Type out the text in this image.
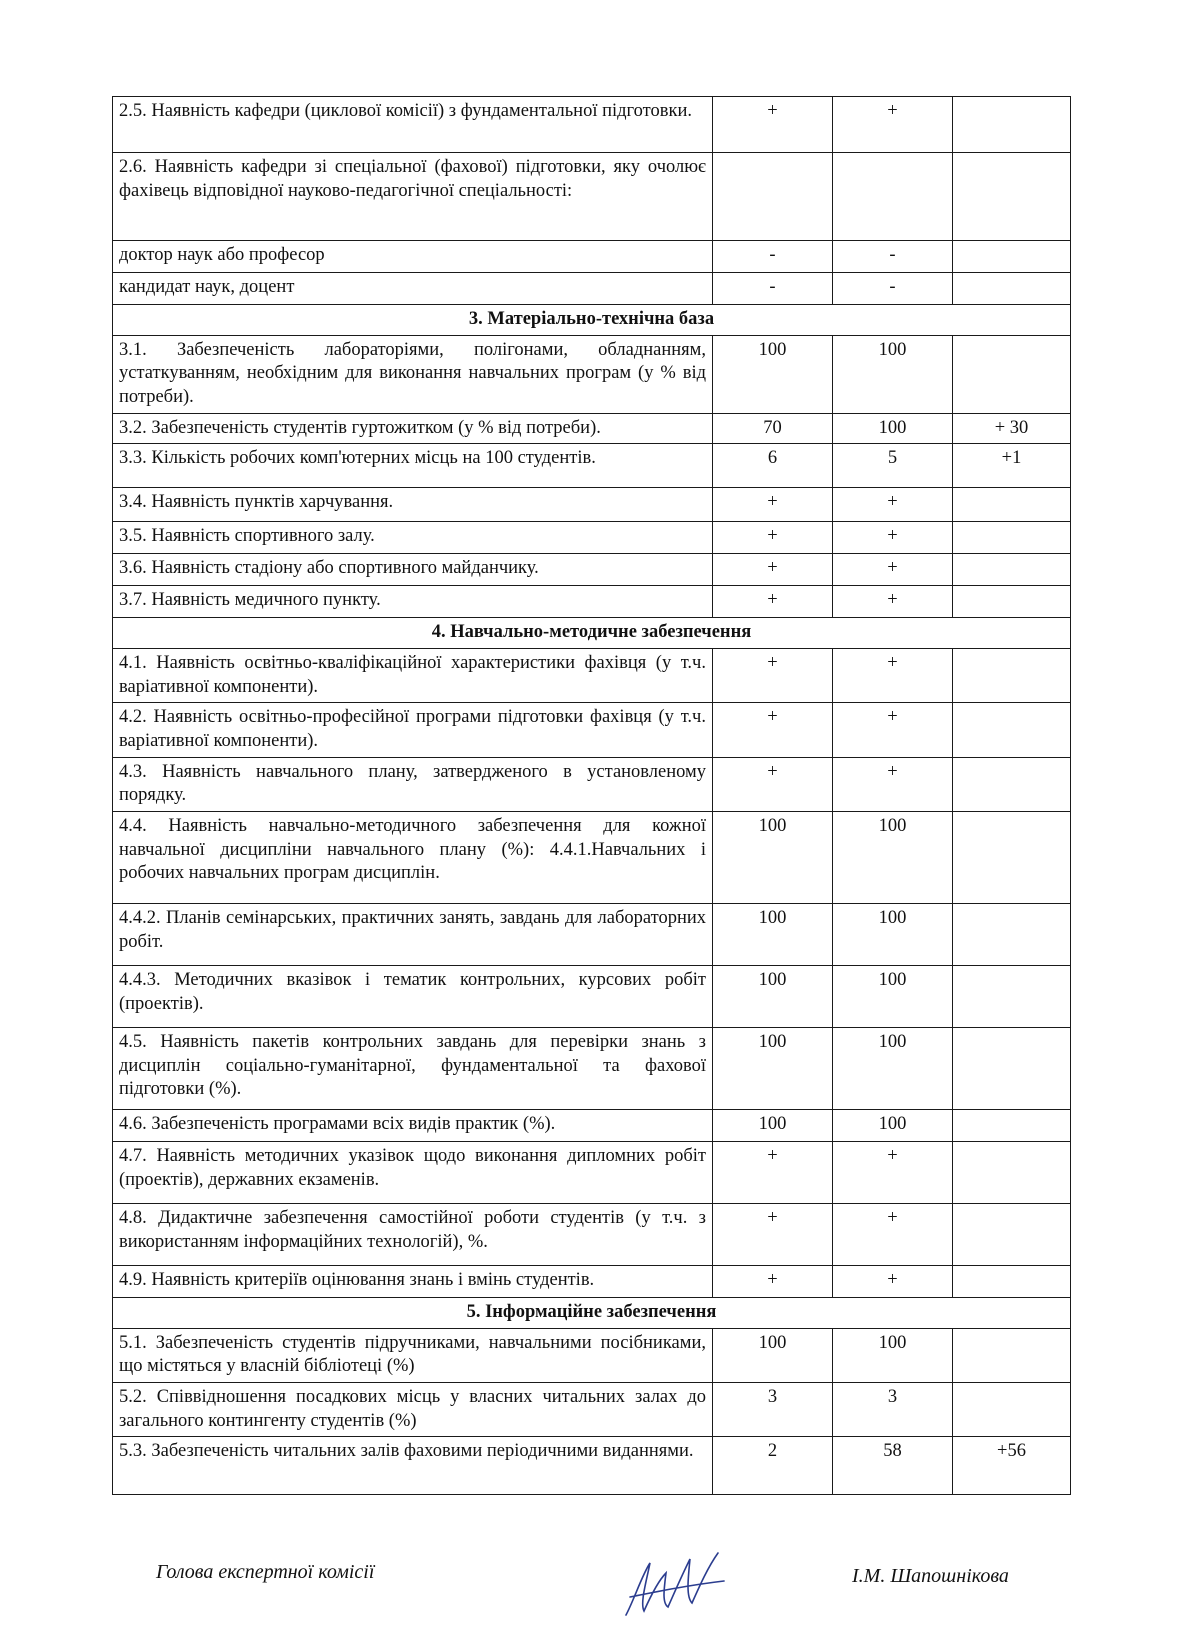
2.5. Наявність кафедри (циклової комісії) з фундаментальної підготовки.	+	+	
2.6. Наявність кафедри зі спеціальної (фахової) підготовки, яку очолює фахівець відповідної науково-педагогічної спеціальності:			
доктор наук або професор	-	-	
кандидат наук, доцент	-	-	
3. Матеріально-технічна база			
3.1. Забезпеченість лабораторіями, полігонами, обладнанням, устаткуванням, необхідним для виконання навчальних програм (у % від потреби).	100	100	
3.2. Забезпеченість студентів гуртожитком (у % від потреби).	70	100	+ 30
3.3. Кількість робочих комп'ютерних місць на 100 студентів.	6	5	+1
3.4. Наявність пунктів харчування.	+	+	
3.5. Наявність спортивного залу.	+	+	
3.6. Наявність стадіону або спортивного майданчику.	+	+	
3.7. Наявність медичного пункту.	+	+	
4. Навчально-методичне забезпечення			
4.1. Наявність освітньо-кваліфікаційної характеристики фахівця (у т.ч. варіативної компоненти).	+	+	
4.2. Наявність освітньо-професійної програми підготовки фахівця (у т.ч. варіативної компоненти).	+	+	
4.3. Наявність навчального плану, затвердженого в установленому порядку.	+	+	
4.4. Наявність навчально-методичного забезпечення для кожної навчальної дисципліни навчального плану (%): 4.4.1.Навчальних і робочих навчальних програм дисциплін.	100	100	
4.4.2. Планів семінарських, практичних занять, завдань для лабораторних робіт.	100	100	
4.4.3. Методичних вказівок і тематик контрольних, курсових робіт (проектів).	100	100	
4.5. Наявність пакетів контрольних завдань для перевірки знань з дисциплін соціально-гуманітарної, фундаментальної та фахової підготовки (%).	100	100	
4.6. Забезпеченість програмами всіх видів практик (%).	100	100	
4.7. Наявність методичних указівок щодо виконання дипломних робіт (проектів), державних екзаменів.	+	+	
4.8. Дидактичне забезпечення самостійної роботи студентів (у т.ч. з використанням інформаційних технологій), %.	+	+	
4.9. Наявність критеріїв оцінювання знань і вмінь студентів.	+	+	
5. Інформаційне забезпечення			
5.1. Забезпеченість студентів підручниками, навчальними посібниками, що містяться у власній бібліотеці (%)	100	100	
5.2. Співвідношення посадкових місць у власних читальних залах до загального контингенту студентів (%)	3	3	
5.3. Забезпеченість читальних залів фаховими періодичними виданнями.	2	58	+56
Голова експертної комісії	І.М. Шапошнікова
